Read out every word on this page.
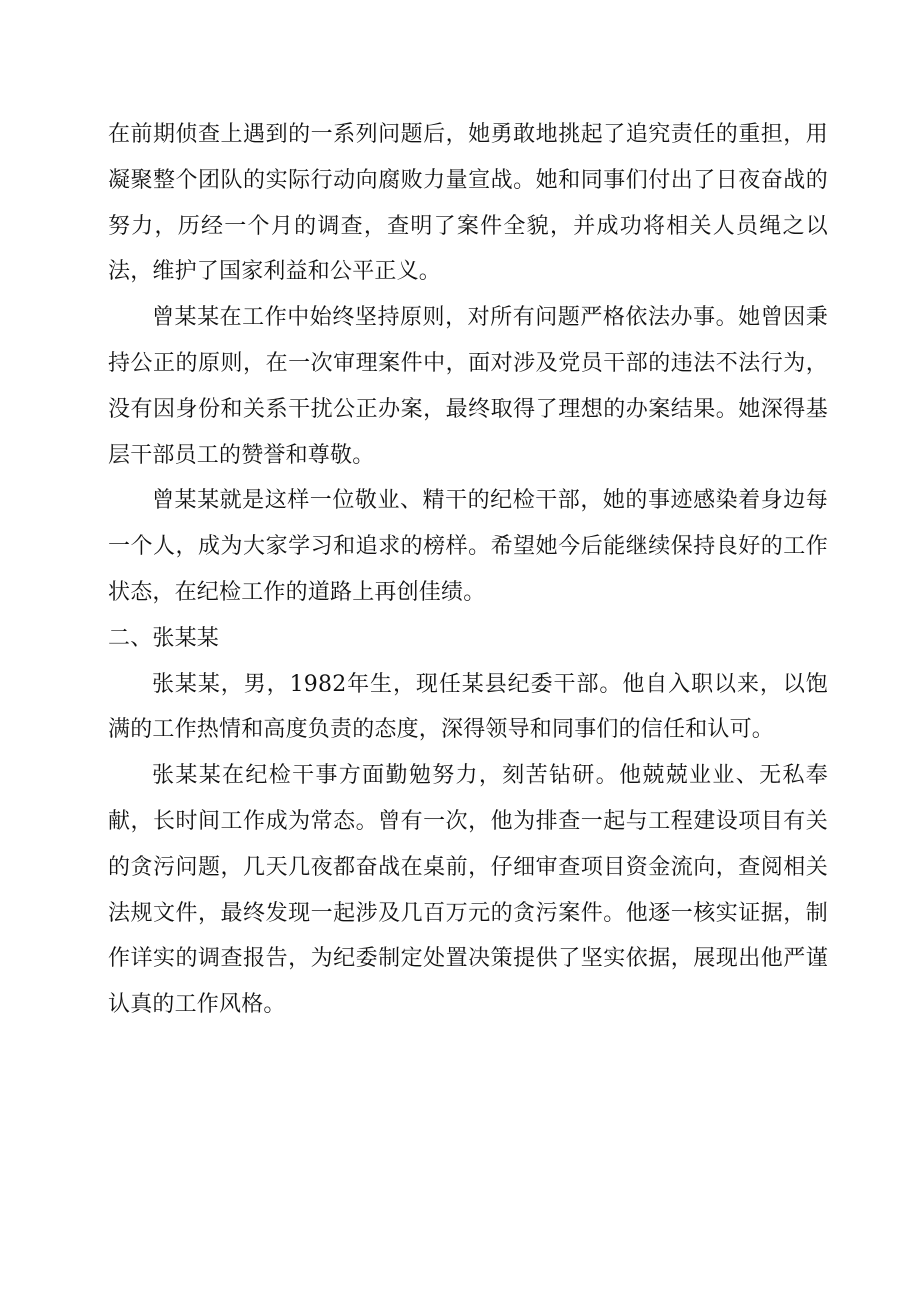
在前期侦查上遇到的一系列问题后，她勇敢地挑起了追究责任的重担，用凝聚整个团队的实际行动向腐败力量宣战。她和同事们付出了日夜奋战的努力，历经一个月的调查，查明了案件全貌，并成功将相关人员绳之以法，维护了国家利益和公平正义。

曾某某在工作中始终坚持原则，对所有问题严格依法办事。她曾因秉持公正的原则，在一次审理案件中，面对涉及党员干部的违法不法行为，没有因身份和关系干扰公正办案，最终取得了理想的办案结果。她深得基层干部员工的赞誉和尊敬。

曾某某就是这样一位敬业、精干的纪检干部，她的事迹感染着身边每一个人，成为大家学习和追求的榜样。希望她今后能继续保持良好的工作状态，在纪检工作的道路上再创佳绩。

二、张某某

张某某，男，1982年生，现任某县纪委干部。他自入职以来，以饱满的工作热情和高度负责的态度，深得领导和同事们的信任和认可。

张某某在纪检干事方面勤勉努力，刻苦钻研。他兢兢业业、无私奉献，长时间工作成为常态。曾有一次，他为排查一起与工程建设项目有关的贪污问题，几天几夜都奋战在桌前，仔细审查项目资金流向，查阅相关法规文件，最终发现一起涉及几百万元的贪污案件。他逐一核实证据，制作详实的调查报告，为纪委制定处置决策提供了坚实依据，展现出他严谨认真的工作风格。
